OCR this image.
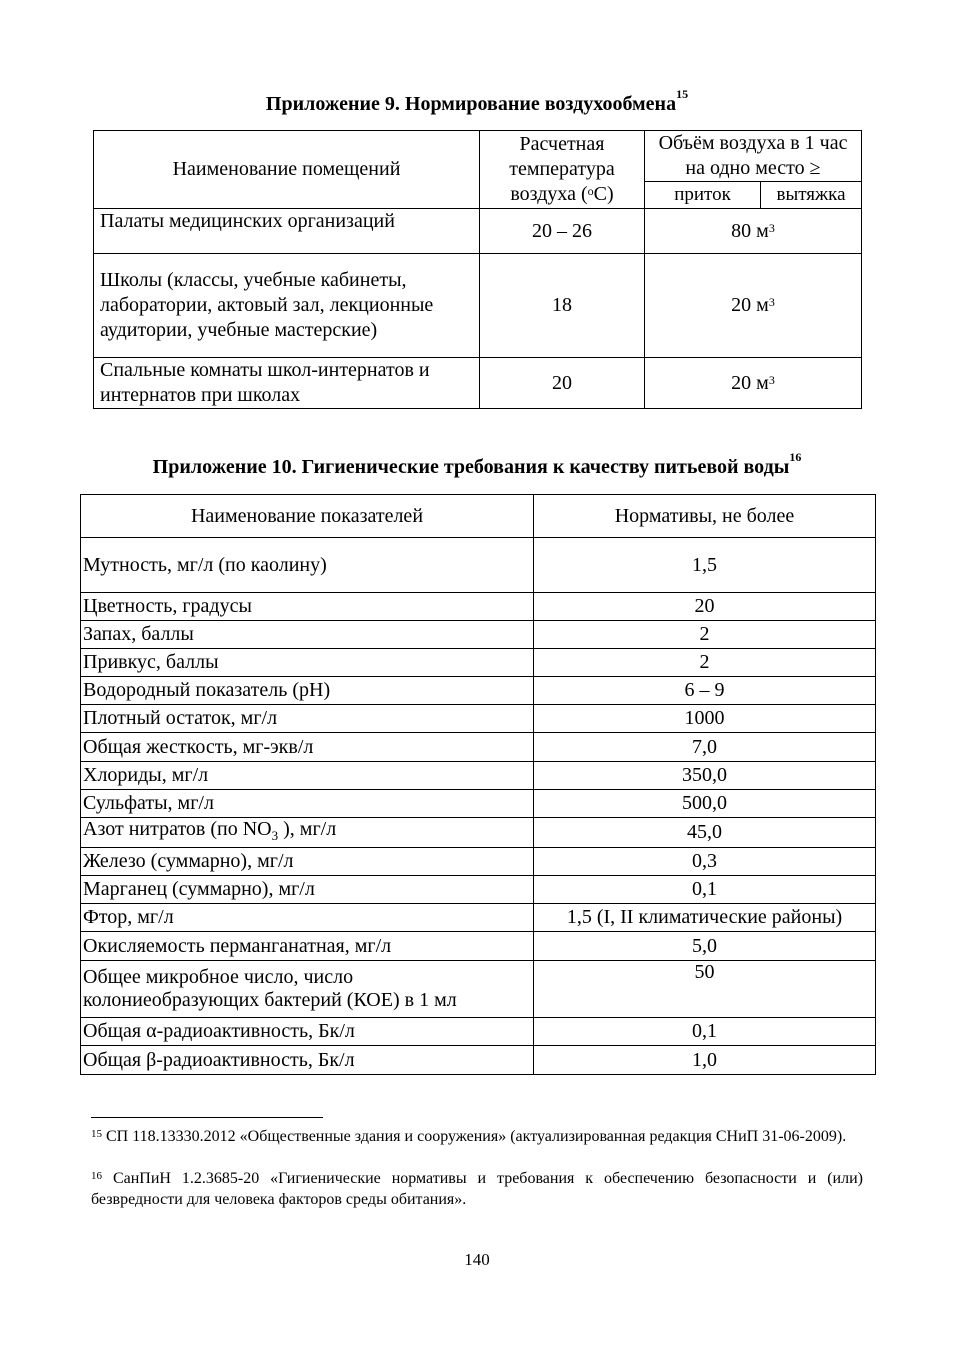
Приложение 9. Нормирование воздухообмена$^{15}$
Наименование помещений	Расчетная температура воздуха ($^о$С)	Объём воздуха в 1 час на одно место ≥	
		приток	вытяжка
Палаты медицинских организаций	20 – 26	80 $м^3$
Школы (классы, учебные кабинеты, лаборатории, актовый зал, лекционные аудитории, учебные мастерские)	18	20 $м^3$
Спальные комнаты школ-интернатов и интернатов при школах	20	20 $м^3$
Приложение 10. Гигиенические требования к качеству питьевой воды$^{16}$
Наименование показателей	Нормативы, не более
Мутность, мг/л (по каолину)	1,5
Цветность, градусы	20
Запах, баллы	2
Привкус, баллы	2
Водородный показатель (pH)	6 – 9
Плотный остаток, мг/л	1000
Общая жесткость, мг-экв/л	7,0
Хлориды, мг/л	350,0
Сульфаты, мг/л	500,0
Азот нитратов (по $NO_3$ ), мг/л	45,0
Железо (суммарно), мг/л	0,3
Марганец (суммарно), мг/л	0,1
Фтор, мг/л	1,5 (I, II климатические районы)
Окисляемость перманганатная, мг/л	5,0
Общее микробное число, число колониеобразующих бактерий (КОЕ) в 1 мл	50
Общая α-радиоактивность, Бк/л	0,1
Общая β-радиоактивность, Бк/л	1,0
$^{15}$ СП 118.13330.2012 «Общественные здания и сооружения» (актуализированная редакция СНиП 31-06-2009).
$^{16}$ СанПиН 1.2.3685-20 «Гигиенические нормативы и требования к обеспечению безопасности и (или) безвредности для человека факторов среды обитания».
140
